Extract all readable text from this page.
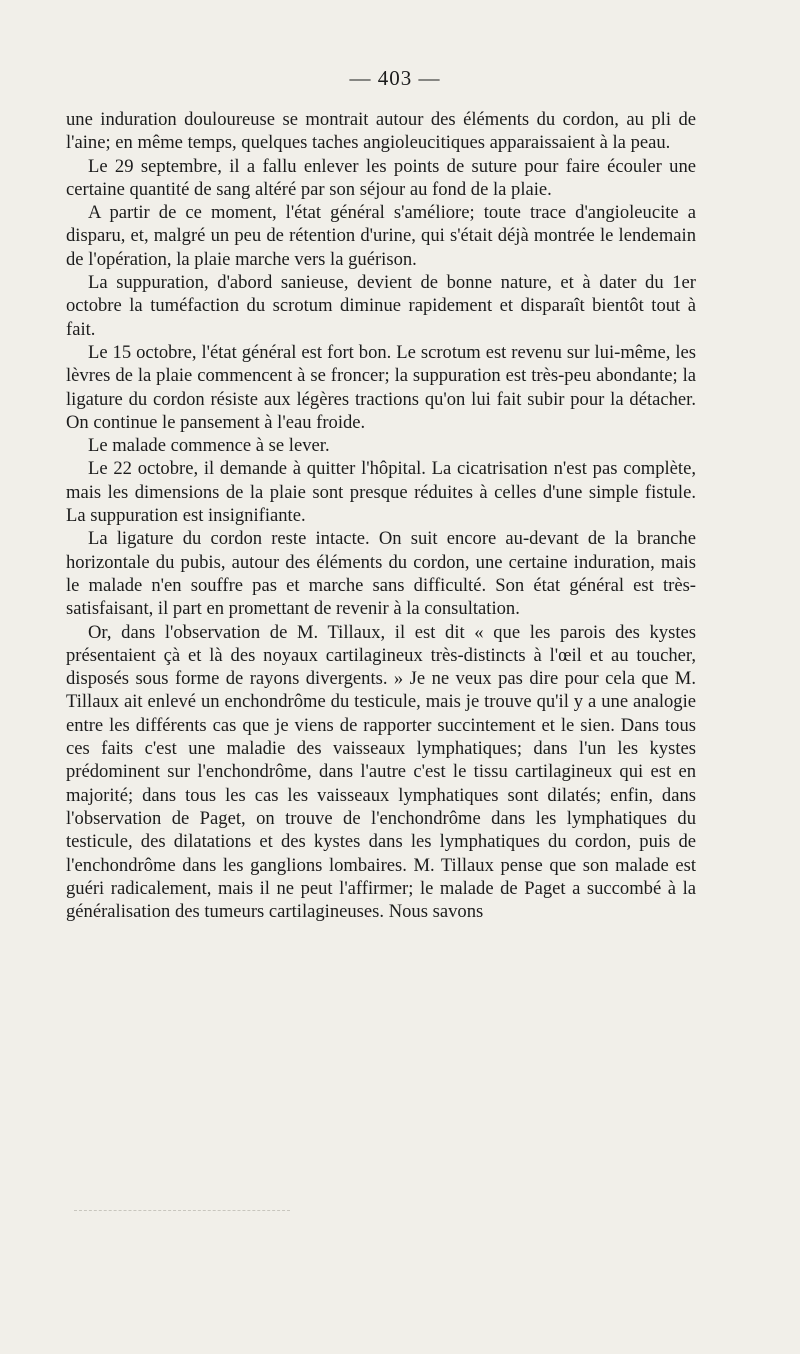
— 403 —

une induration douloureuse se montrait autour des éléments du cordon, au pli de l'aine; en même temps, quelques taches angioleucitiques apparaissaient à la peau.

Le 29 septembre, il a fallu enlever les points de suture pour faire écouler une certaine quantité de sang altéré par son séjour au fond de la plaie.

A partir de ce moment, l'état général s'améliore; toute trace d'angioleucite a disparu, et, malgré un peu de rétention d'urine, qui s'était déjà montrée le lendemain de l'opération, la plaie marche vers la guérison.

La suppuration, d'abord sanieuse, devient de bonne nature, et à dater du 1er octobre la tuméfaction du scrotum diminue rapidement et disparaît bientôt tout à fait.

Le 15 octobre, l'état général est fort bon. Le scrotum est revenu sur lui-même, les lèvres de la plaie commencent à se froncer; la suppuration est très-peu abondante; la ligature du cordon résiste aux légères tractions qu'on lui fait subir pour la détacher. On continue le pansement à l'eau froide.

Le malade commence à se lever.

Le 22 octobre, il demande à quitter l'hôpital. La cicatrisation n'est pas complète, mais les dimensions de la plaie sont presque réduites à celles d'une simple fistule. La suppuration est insignifiante.

La ligature du cordon reste intacte. On suit encore au-devant de la branche horizontale du pubis, autour des éléments du cordon, une certaine induration, mais le malade n'en souffre pas et marche sans difficulté. Son état général est très-satisfaisant, il part en promettant de revenir à la consultation.

Or, dans l'observation de M. Tillaux, il est dit « que les parois des kystes présentaient çà et là des noyaux cartilagineux très-distincts à l'œil et au toucher, disposés sous forme de rayons divergents. » Je ne veux pas dire pour cela que M. Tillaux ait enlevé un enchondrôme du testicule, mais je trouve qu'il y a une analogie entre les différents cas que je viens de rapporter succintement et le sien. Dans tous ces faits c'est une maladie des vaisseaux lymphatiques; dans l'un les kystes prédominent sur l'enchondrôme, dans l'autre c'est le tissu cartilagineux qui est en majorité; dans tous les cas les vaisseaux lymphatiques sont dilatés; enfin, dans l'observation de Paget, on trouve de l'enchondrôme dans les lymphatiques du testicule, des dilatations et des kystes dans les lymphatiques du cordon, puis de l'enchondrôme dans les ganglions lombaires. M. Tillaux pense que son malade est guéri radicalement, mais il ne peut l'affirmer; le malade de Paget a succombé à la généralisation des tumeurs cartilagineuses. Nous savons
